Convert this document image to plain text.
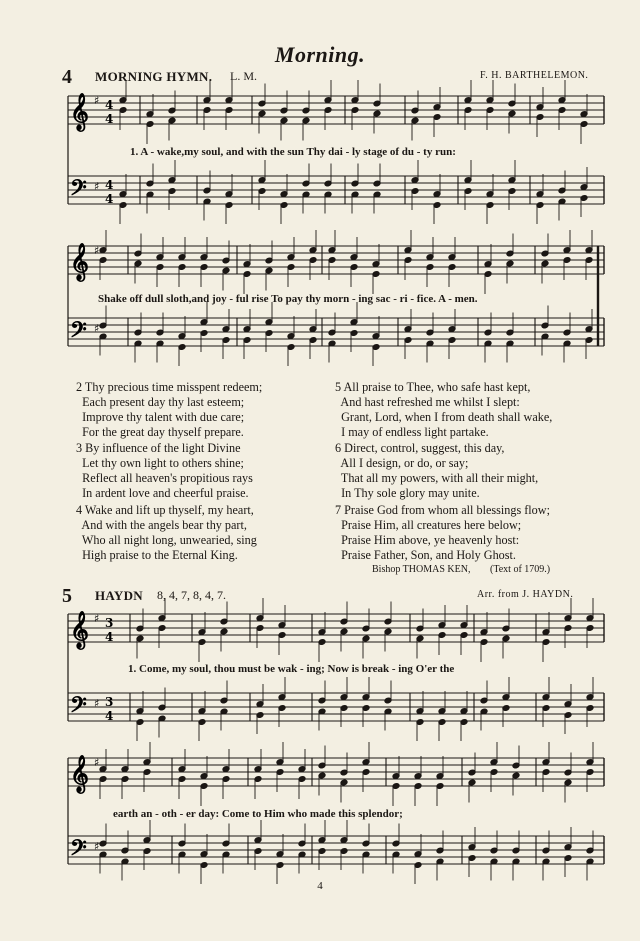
Morning.
4 MORNING HYMN. L. M.	F. H. BARTHELEMON.
𝄞
𝄢
♯
♯
4
4
4
4
𝄞
𝄢
♯
♯
𝄞
𝄢
♯
♯
3
4
3
4
𝄞
𝄢
♯
♯
1. A - wake,my soul, and with the sun Thy dai - ly stage of du - ty run:
Shake off dull sloth,and joy - ful rise To pay thy morn - ing sac - ri - fice. A - men.
2 Thy precious time misspent redeem;
Each present day thy last esteem;
Improve thy talent with due care;
For the great day thyself prepare.
3 By influence of the light Divine
Let thy own light to others shine;
Reflect all heaven's propitious rays
In ardent love and cheerful praise.
4 Wake and lift up thyself, my heart,
And with the angels bear thy part,
Who all night long, unwearied, sing
High praise to the Eternal King.
5 All praise to Thee, who safe hast kept,
And hast refreshed me whilst I slept:
Grant, Lord, when I from death shall wake,
I may of endless light partake.
6 Direct, control, suggest, this day,
All I design, or do, or say;
That all my powers, with all their might,
In Thy sole glory may unite.
7 Praise God from whom all blessings flow;
Praise Him, all creatures here below;
Praise Him above, ye heavenly host:
Praise Father, Son, and Holy Ghost.
Bishop THOMAS KEN, (Text of 1709.)
5 HAYDN 8, 4, 7, 8, 4, 7.	Arr. from J. HAYDN.
1. Come, my soul, thou must be wak - ing; Now is break - ing O'er the
earth an - oth - er day: Come to Him who made this splendor;
4
